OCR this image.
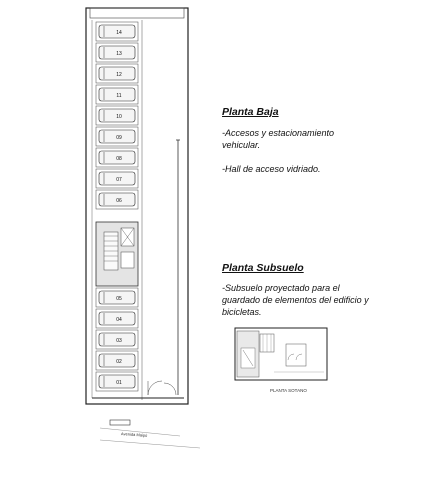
14
13
12
11
10
09
08
07
06
05
04
03
02
01
Planta Baja
-Accesos y estacionamiento
vehicular.
-Hall de acceso vidriado.
Planta Subsuelo
-Subsuelo proyectado para el
guardado de elementos del edificio y
bicicletas.
PLANTA SOTANO
Avenida Maipú
